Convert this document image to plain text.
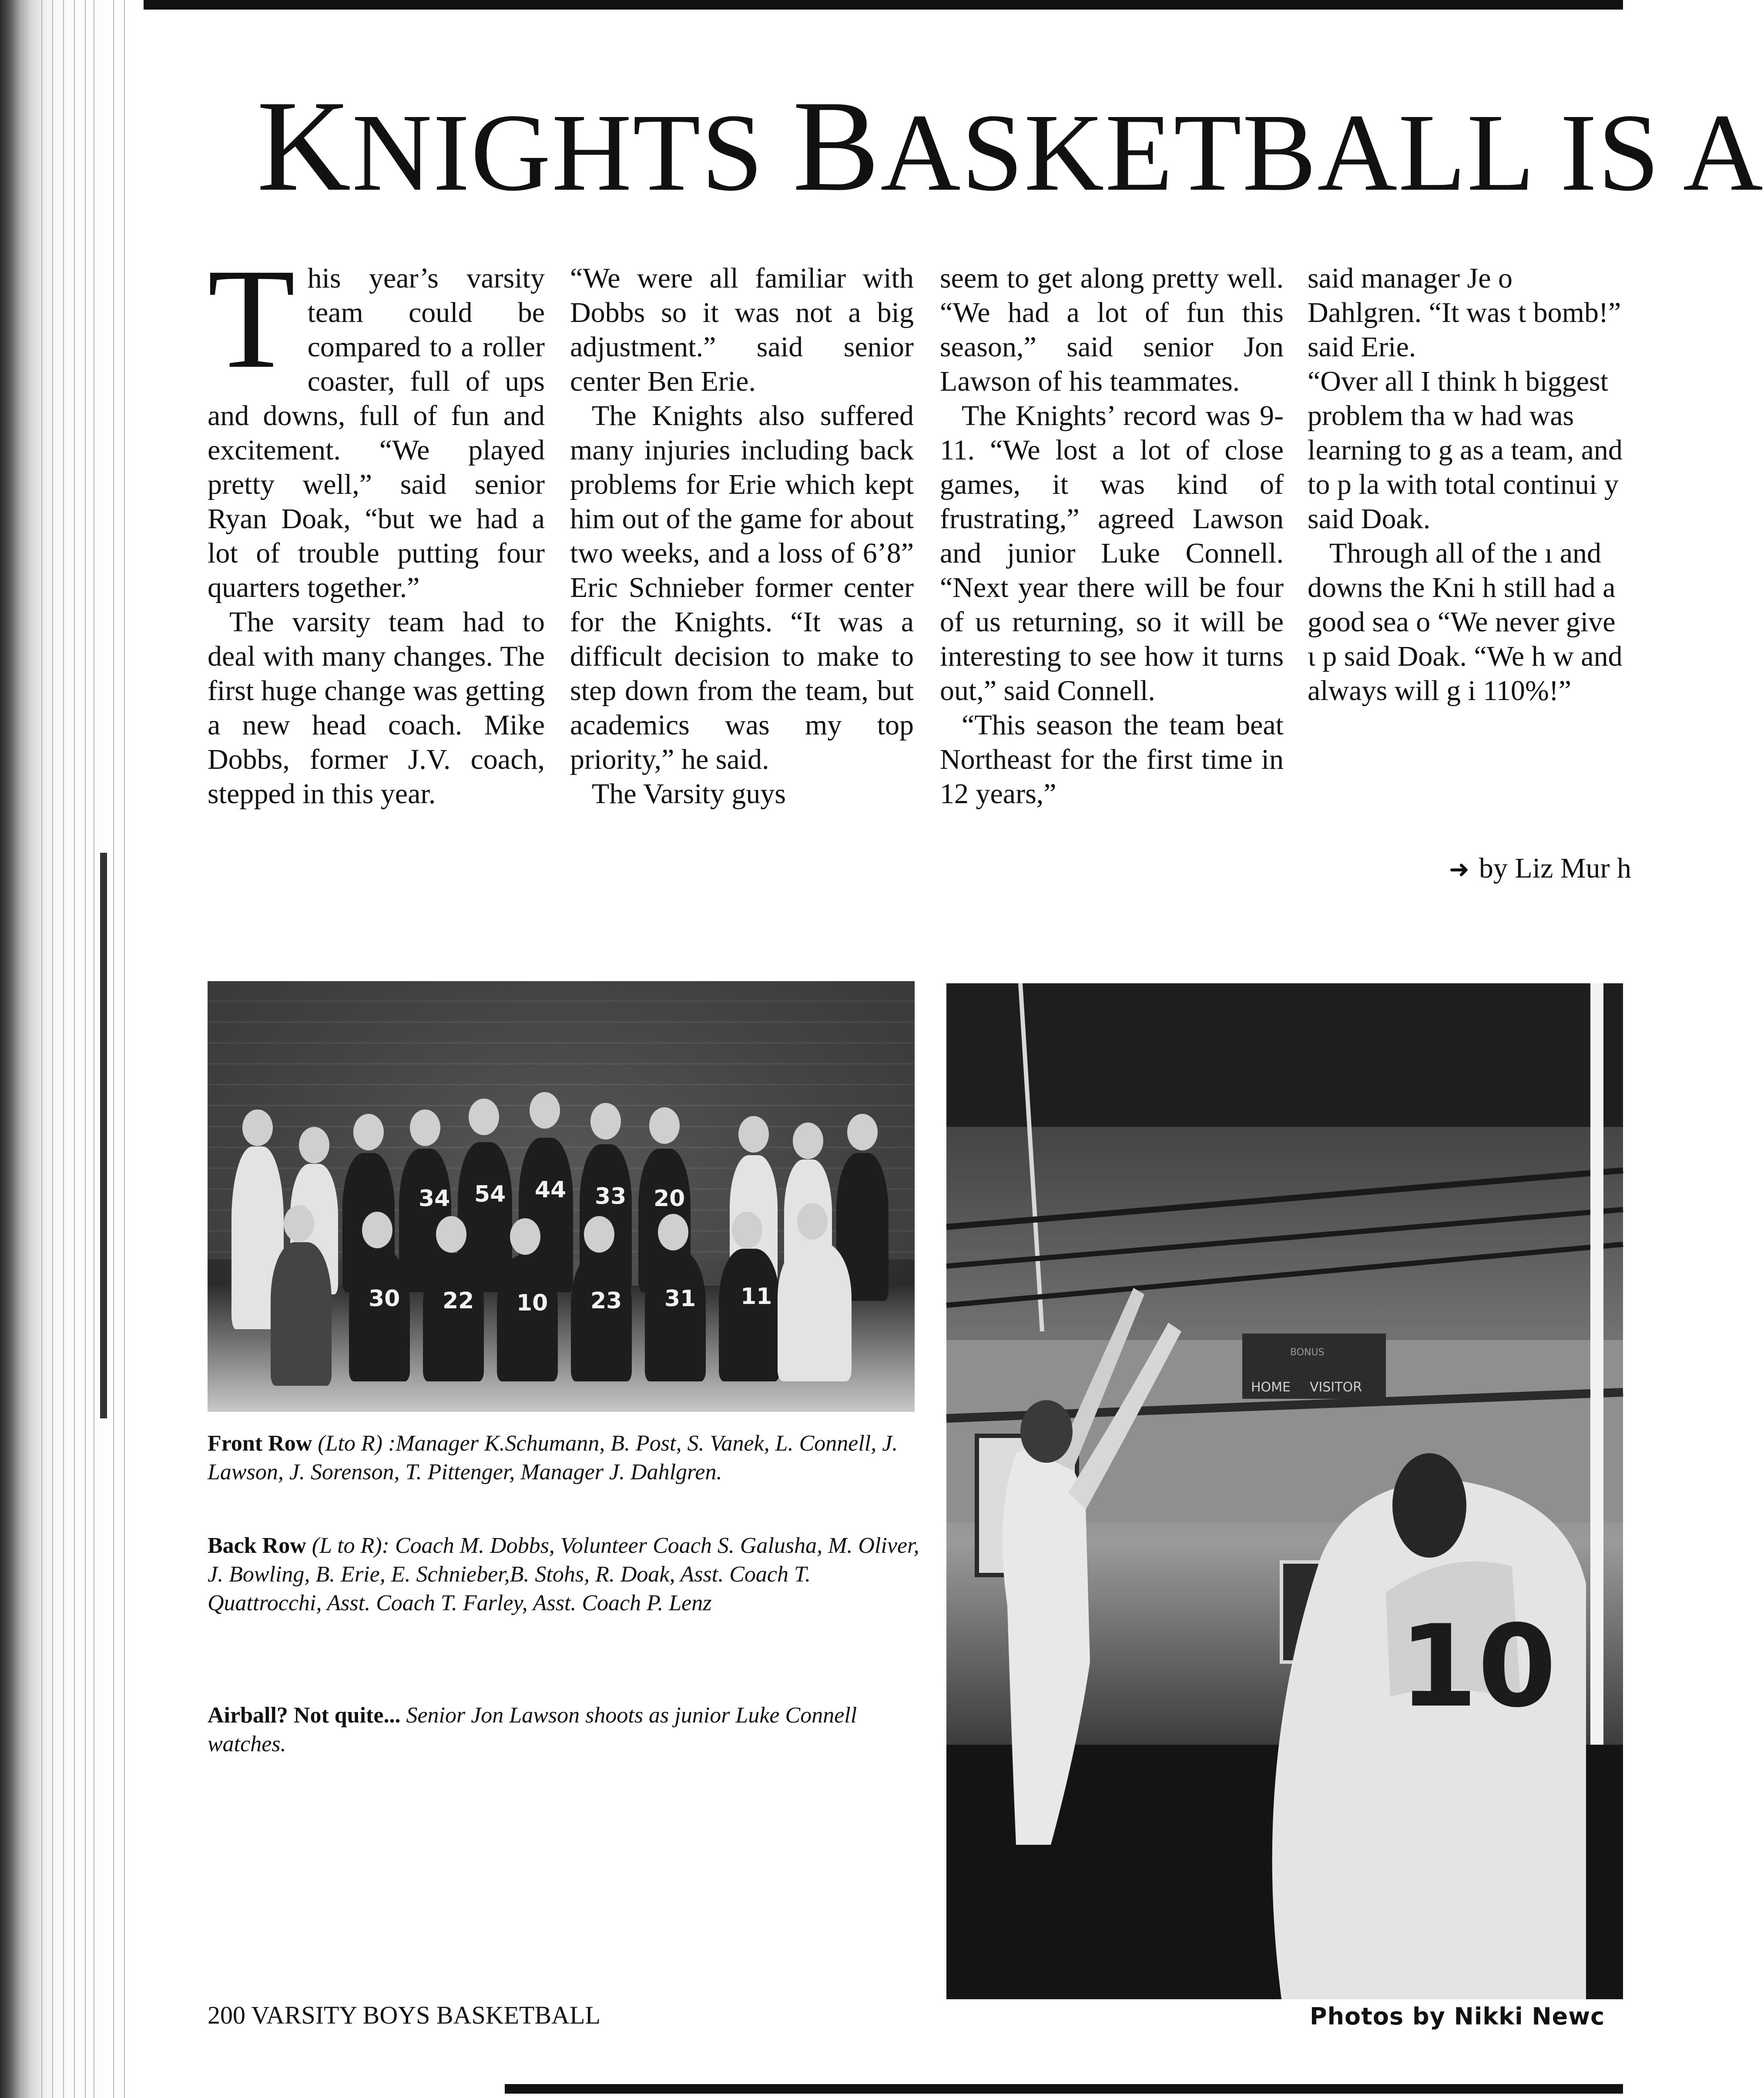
KNIGHTS BASKETBALL IS A

This year’s varsity team could be compared to a roller coaster, full of ups and downs, full of fun and excitement. “We played pretty well,” said senior Ryan Doak, “but we had a lot of trouble putting four quarters together.”

The varsity team had to deal with many changes. The first huge change was getting a new head coach. Mike Dobbs, former J.V. coach, stepped in this year.

“We were all familiar with Dobbs so it was not a big adjustment.” said senior center Ben Erie.

The Knights also suffered many injuries including back problems for Erie which kept him out of the game for about two weeks, and a loss of 6’8” Eric Schnieber former center for the Knights. “It was a difficult decision to make to step down from the team, but academics was my top priority,” he said.

The Varsity guys

seem to get along pretty well. “We had a lot of fun this season,” said senior Jon Lawson of his teammates.

The Knights’ record was 9-11. “We lost a lot of close games, it was kind of frustrating,” agreed Lawson and junior Luke Connell. “Next year there will be four of us returning, so it will be interesting to see how it turns out,” said Connell.

“This season the team beat Northeast for the first time in 12 years,”

said manager Je o Dahlgren. “It was t bomb!” said Erie.

“Over all I think h biggest problem tha w had was learning to g as a team, and to p la with total continui y said Doak.

Through all of the ı and downs the Kni h still had a good sea o “We never give ι p said Doak. “We h w and always will g i 110%!”

➜ by Liz Mur h
34 54 44 33 20
30 22 10 23 31 11
HOME VISITOR
BONUS
10
Front Row (Lto R) :Manager K.Schumann, B. Post, S. Vanek, L. Connell, J. Lawson, J. Sorenson, T. Pittenger, Manager J. Dahlgren.
Back Row (L to R): Coach M. Dobbs, Volunteer Coach S. Galusha, M. Oliver, J. Bowling, B. Erie, E. Schnieber,B. Stohs, R. Doak, Asst. Coach T. Quattrocchi, Asst. Coach T. Farley, Asst. Coach P. Lenz
Airball? Not quite... Senior Jon Lawson shoots as junior Luke Connell watches.
200 VARSITY BOYS BASKETBALL	Photos by Nikki Newc
